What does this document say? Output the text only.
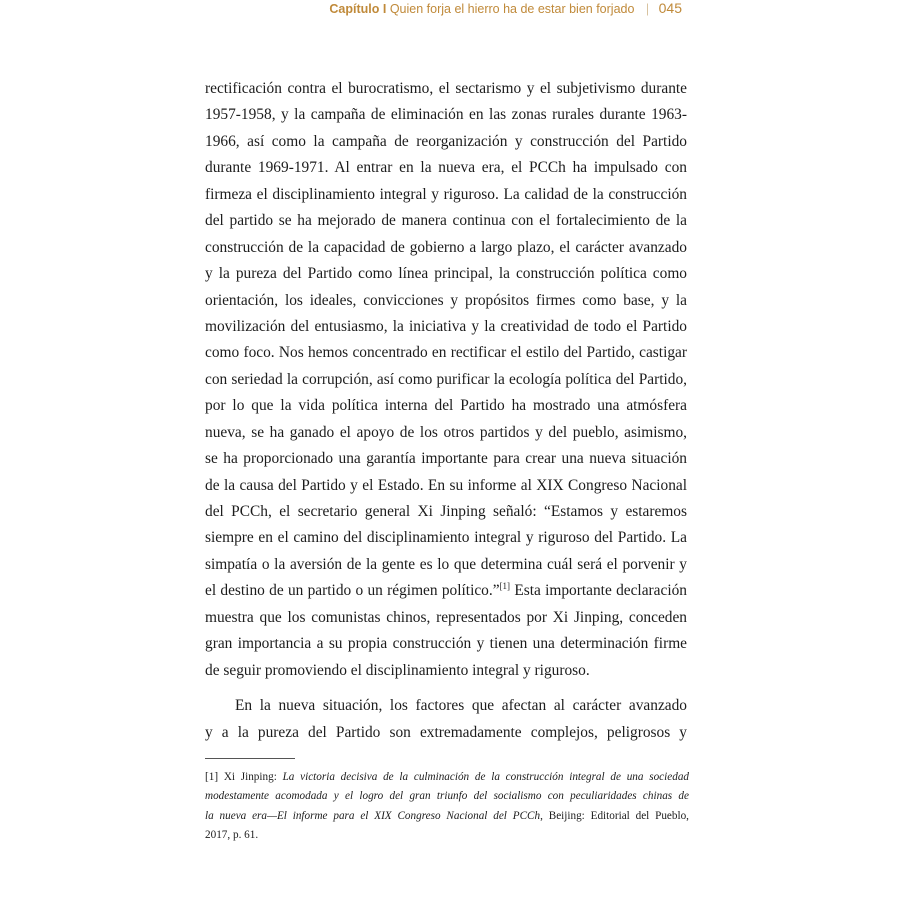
Capítulo I Quien forja el hierro ha de estar bien forjado | 045
rectificación contra el burocratismo, el sectarismo y el subjetivismo durante
1957-1958, y la campaña de eliminación en las zonas rurales durante 1963-
1966, así como la campaña de reorganización y construcción del Partido
durante 1969-1971. Al entrar en la nueva era, el PCCh ha impulsado con
firmeza el disciplinamiento integral y riguroso. La calidad de la construcción
del partido se ha mejorado de manera continua con el fortalecimiento de la
construcción de la capacidad de gobierno a largo plazo, el carácter avanzado
y la pureza del Partido como línea principal, la construcción política como
orientación, los ideales, convicciones y propósitos firmes como base, y la
movilización del entusiasmo, la iniciativa y la creatividad de todo el Partido
como foco. Nos hemos concentrado en rectificar el estilo del Partido, castigar
con seriedad la corrupción, así como purificar la ecología política del Partido,
por lo que la vida política interna del Partido ha mostrado una atmósfera
nueva, se ha ganado el apoyo de los otros partidos y del pueblo, asimismo,
se ha proporcionado una garantía importante para crear una nueva situación
de la causa del Partido y el Estado. En su informe al XIX Congreso Nacional
del PCCh, el secretario general Xi Jinping señaló: “Estamos y estaremos
siempre en el camino del disciplinamiento integral y riguroso del Partido. La
simpatía o la aversión de la gente es lo que determina cuál será el porvenir y
el destino de un partido o un régimen político.”[1] Esta importante declaración
muestra que los comunistas chinos, representados por Xi Jinping, conceden
gran importancia a su propia construcción y tienen una determinación firme
de seguir promoviendo el disciplinamiento integral y riguroso.
En la nueva situación, los factores que afectan al carácter avanzado
y a la pureza del Partido son extremadamente complejos, peligrosos y
[1] Xi Jinping: La victoria decisiva de la culminación de la construcción integral de una sociedad
modestamente acomodada y el logro del gran triunfo del socialismo con peculiaridades chinas de
la nueva era—El informe para el XIX Congreso Nacional del PCCh, Beijing: Editorial del Pueblo,
2017, p. 61.
